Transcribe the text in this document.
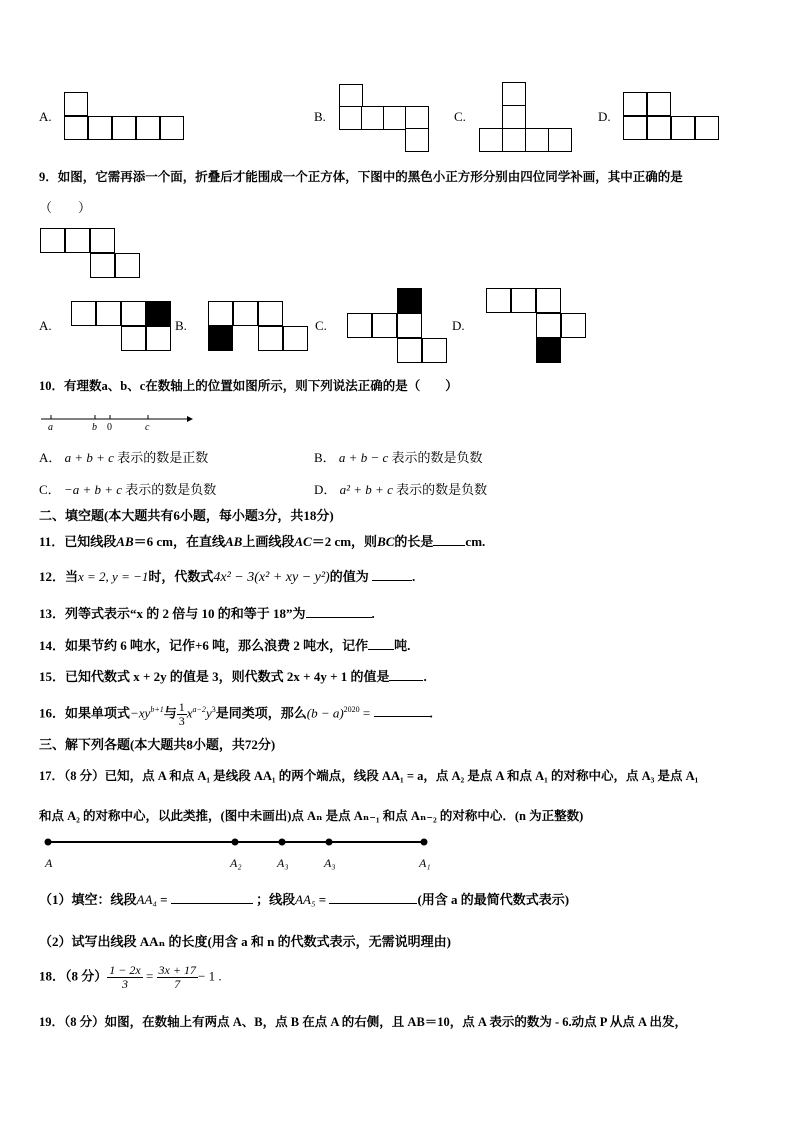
A.	B.	C.	D.
9．如图，它需再添一个面，折叠后才能围成一个正方体，下图中的黑色小正方形分别由四位同学补画，其中正确的是
（　　）
A.	B.	C.	D.
10．有理数a、b、c在数轴上的位置如图所示，则下列说法正确的是（　　）
a	b 0	c
A． a + b + c 表示的数是正数	B． a + b − c 表示的数是负数
C． −a + b + c 表示的数是负数	D． a² + b + c 表示的数是负数
二、填空题(本大题共有6小题，每小题3分，共18分)
11．已知线段AB＝6 cm，在直线AB上画线段AC＝2 cm，则BC的长是 cm.
12．当x = 2, y = −1时，代数式4x² − 3(x² + xy − y²)的值为	.
13．列等式表示“x 的 2 倍与 10 的和等于 18”为	.
14．如果节约 6 吨水，记作+6 吨，那么浪费 2 吨水，记作 吨.
15．已知代数式 x + 2y 的值是 3，则代数式 2x + 4y + 1 的值是	.
16．如果单项式$-xy^{b+1}$与 $\frac{1}{3} x^{a-2}y^3$是同类项，那么$(b - a)^{2020}$ =	.
三、解下列各题(本大题共8小题，共72分)
17．（8 分）已知，点 A 和点 A₁ 是线段 AA₁ 的两个端点，线段 AA₁ = a，点 A₂ 是点 A 和点 A₁ 的对称中心，点 A₃ 是点 A₁
和点 A₂ 的对称中心，以此类推，(图中未画出)点 Aₙ 是点 Aₙ₋₁ 和点 Aₙ₋₂ 的对称中心．(n 为正整数)
A	A₂	A₃	A₃	A₁
（1）填空：线段AA₄ =	；线段AA₅ =	(用含 a 的最简代数式表示)
（2）试写出线段 AAₙ 的长度(用含 a 和 n 的代数式表示，无需说明理由)
18．（8 分） $\frac{1 - 2x}{3} = \frac{3x + 17}{7} - 1$ .
19．（8 分）如图，在数轴上有两点 A、B，点 B 在点 A 的右侧，且 AB＝10，点 A 表示的数为 - 6.动点 P 从点 A 出发，
